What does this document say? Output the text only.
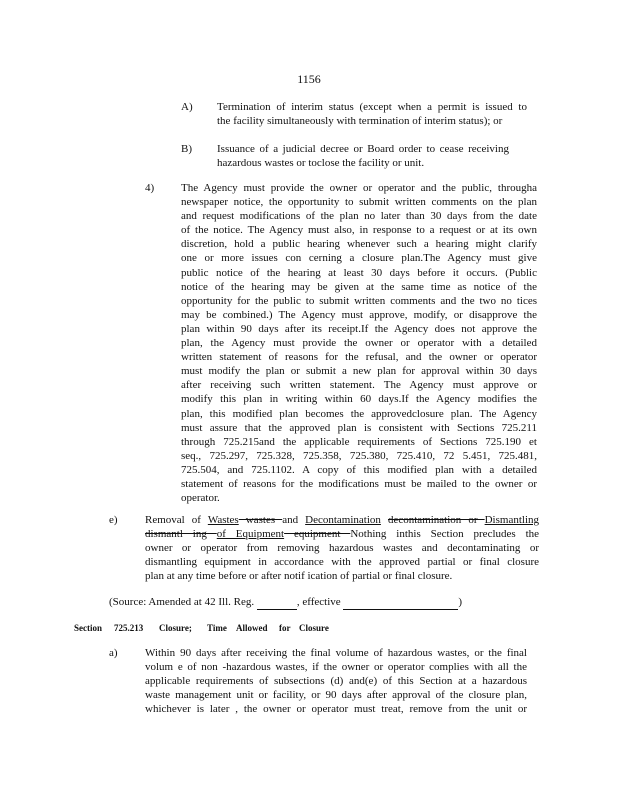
1156
A) Termination of interim status (except when a permit is issued to
the facility simultaneously with termination of interim status); or
B) Issuance of a judicial decree or Board order to cease receiving
hazardous wastes or toclose the facility or unit.
4) The Agency must provide the owner or operator and the public, througha
newspaper notice, the opportunity to submit written comments on the plan
and request modifications of the plan no later than 30 days from the date
of the notice. The Agency must also, in response to a request or at its own
discretion, hold a public hearing whenever such a hearing might clarify
one or more issues con cerning a closure plan.The Agency must give
public notice of the hearing at least 30 days before it occurs. (Public
notice of the hearing may be given at the same time as notice of the
opportunity for the public to submit written comments and the two no tices
may be combined.) The Agency must approve, modify, or disapprove the
plan within 90 days after its receipt.If the Agency does not approve the
plan, the Agency must provide the owner or operator with a detailed
written statement of reasons for the refusal, and the owner or operator
must modify the plan or submit a new plan for approval within 30 days
after receiving such written statement. The Agency must approve or
modify this plan in writing within 60 days.If the Agency modifies the
plan, this modified plan becomes the approvedclosure plan. The Agency
must assure that the approved plan is consistent with Sections 725.211
through 725.215and the applicable requirements of Sections 725.190 et
seq., 725.297, 725.328, 725.358, 725.380, 725.410, 72 5.451, 725.481,
725.504, and 725.1102. A copy of this modified plan with a detailed
statement of reasons for the modifications must be mailed to the owner or
operator.
e) Removal of Wastes wastes and Decontamination decontamination or Dismantling
dismantl ing of Equipment equipment Nothing inthis Section precludes the
owner or operator from removing hazardous wastes and decontaminating or
dismantling equipment in accordance with the approved partial or final closure
plan at any time before or after notif ication of partial or final closure.
(Source: Amended at 42 Ill. Reg.	, effective	)
Section 725.213 Closure; Time Allowed for Closure
a) Within 90 days after receiving the final volume of hazardous wastes, or the final
volum e of non -hazardous wastes, if the owner or operator complies with all the
applicable requirements of subsections (d) and(e) of this Section at a hazardous
waste management unit or facility, or 90 days after approval of the closure plan,
whichever is later , the owner or operator must treat, remove from the unit or
